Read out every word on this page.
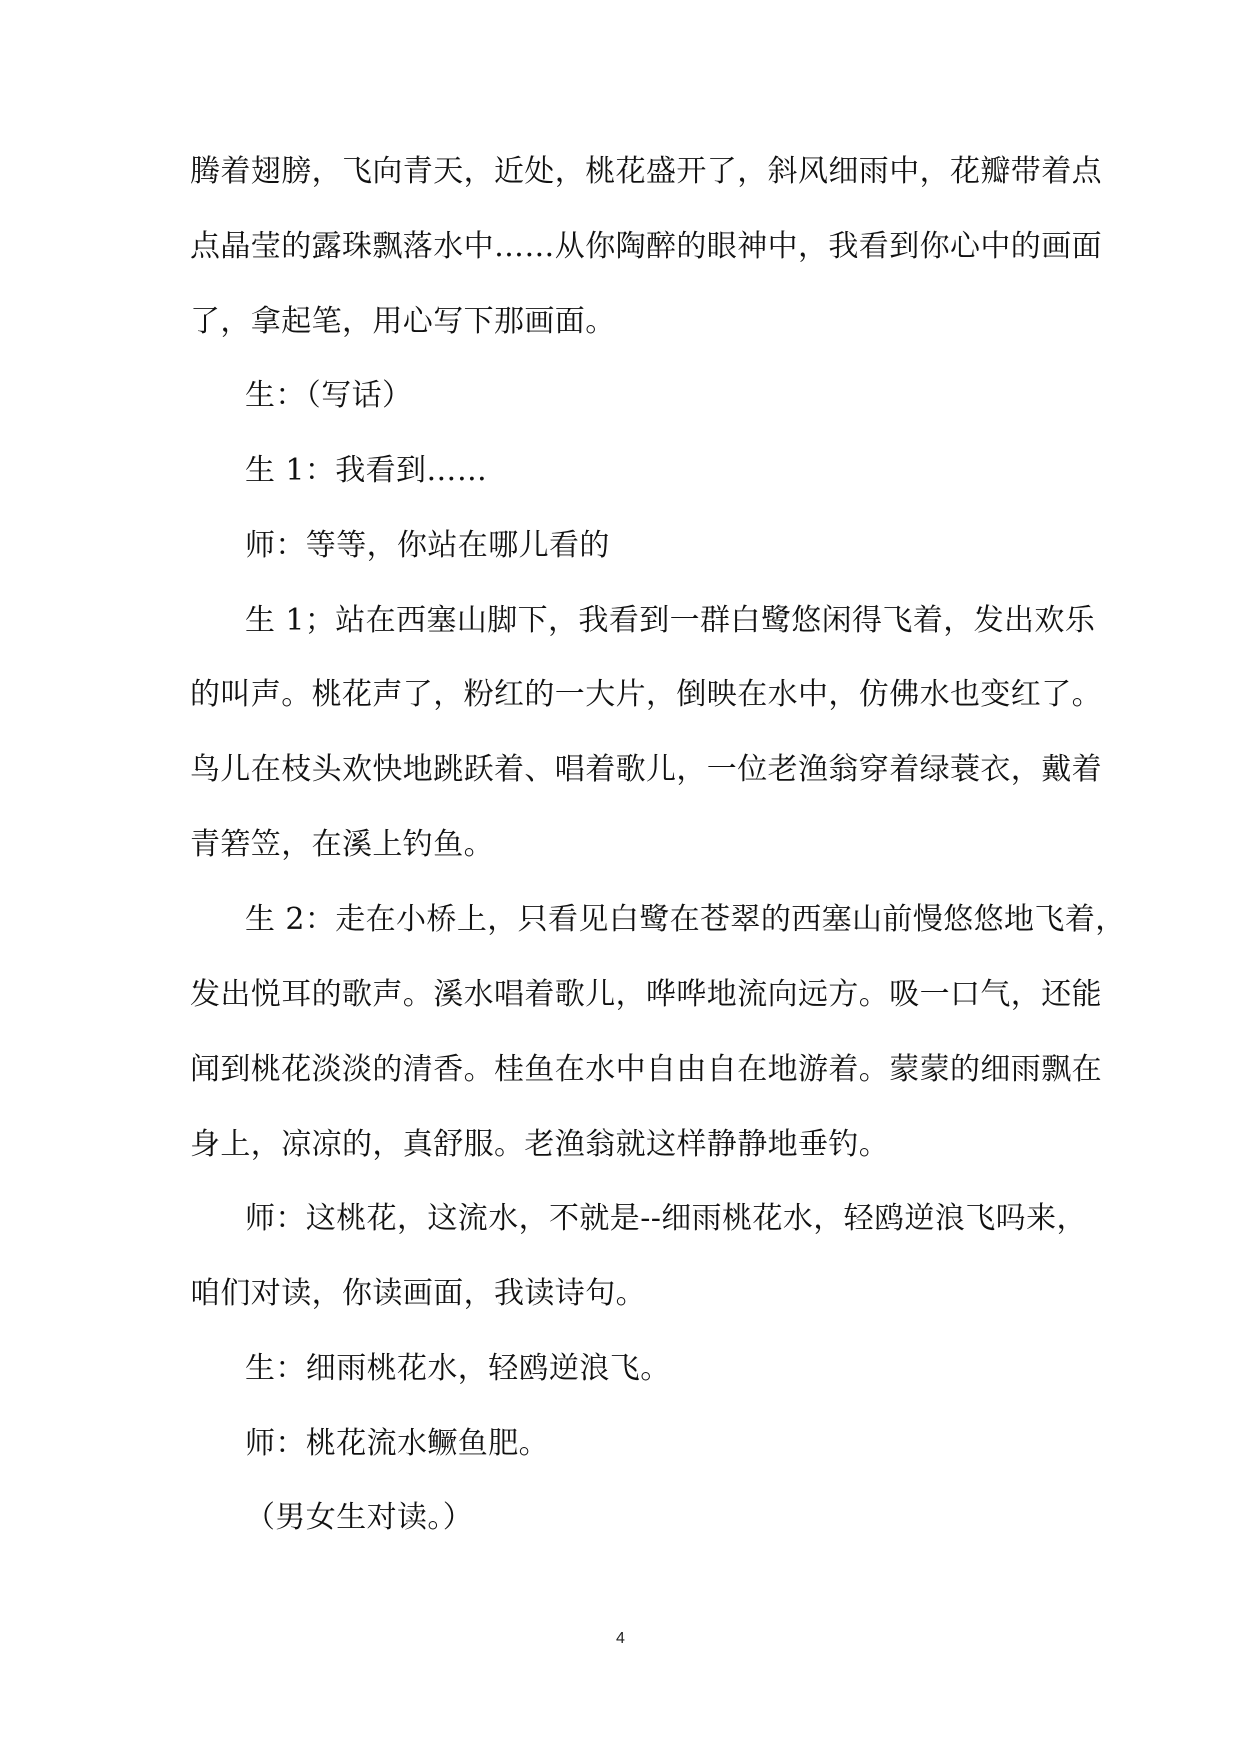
腾着翅膀，飞向青天，近处，桃花盛开了，斜风细雨中，花瓣带着点
点晶莹的露珠飘落水中……从你陶醉的眼神中，我看到你心中的画面
了，拿起笔，用心写下那画面。
生：（写话）
生 1：我看到……
师：等等，你站在哪儿看的
生 1；站在西塞山脚下，我看到一群白鹭悠闲得飞着，发出欢乐
的叫声。桃花声了，粉红的一大片，倒映在水中，仿佛水也变红了。
鸟儿在枝头欢快地跳跃着、唱着歌儿，一位老渔翁穿着绿蓑衣，戴着
青箬笠，在溪上钓鱼。
生 2：走在小桥上，只看见白鹭在苍翠的西塞山前慢悠悠地飞着，
发出悦耳的歌声。溪水唱着歌儿，哗哗地流向远方。吸一口气，还能
闻到桃花淡淡的清香。桂鱼在水中自由自在地游着。蒙蒙的细雨飘在
身上，凉凉的，真舒服。老渔翁就这样静静地垂钓。
师：这桃花，这流水，不就是--细雨桃花水，轻鸥逆浪飞吗来，
咱们对读，你读画面，我读诗句。
生：细雨桃花水，轻鸥逆浪飞。
师：桃花流水鳜鱼肥。
（男女生对读。）
4
